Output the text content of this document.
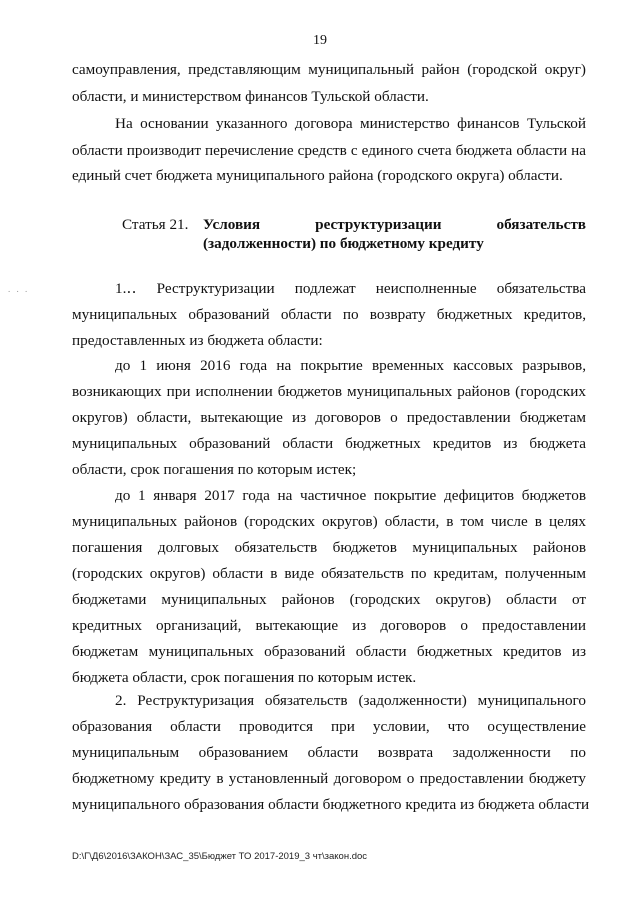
19
самоуправления, представляющим муниципальный район (городской округ)
области, и министерством финансов Тульской области.
На основании указанного договора министерство финансов Тульской
области производит перечисление средств с единого счета бюджета области на
единый счет бюджета муниципального района (городского округа) области.
Статья 21. Условия реструктуризации обязательств
(задолженности) по бюджетному кредиту
. . .	1.․․ Реструктуризации подлежат неисполненные обязательства
муниципальных образований области по возврату бюджетных кредитов,
предоставленных из бюджета области:
до 1 июня 2016 года на покрытие временных кассовых разрывов,
возникающих при исполнении бюджетов муниципальных районов (городских
округов) области, вытекающие из договоров о предоставлении бюджетам
муниципальных образований области бюджетных кредитов из бюджета
области, срок погашения по которым истек;
до 1 января 2017 года на частичное покрытие дефицитов бюджетов
муниципальных районов (городских округов) области, в том числе в целях
погашения долговых обязательств бюджетов муниципальных районов
(городских округов) области в виде обязательств по кредитам, полученным
бюджетами муниципальных районов (городских округов) области от
кредитных организаций, вытекающие из договоров о предоставлении
бюджетам муниципальных образований области бюджетных кредитов из
бюджета области, срок погашения по которым истек.
2. Реструктуризация обязательств (задолженности) муниципального
образования области проводится при условии, что осуществление
муниципальным образованием области возврата задолженности по
бюджетному кредиту в установленный договором о предоставлении бюджету
муниципального образования области бюджетного кредита из бюджета области
D:\Г\Д6\2016\ЗАКОН\ЗАС_35\Бюджет ТО 2017-2019_3 чт\закон.doc
